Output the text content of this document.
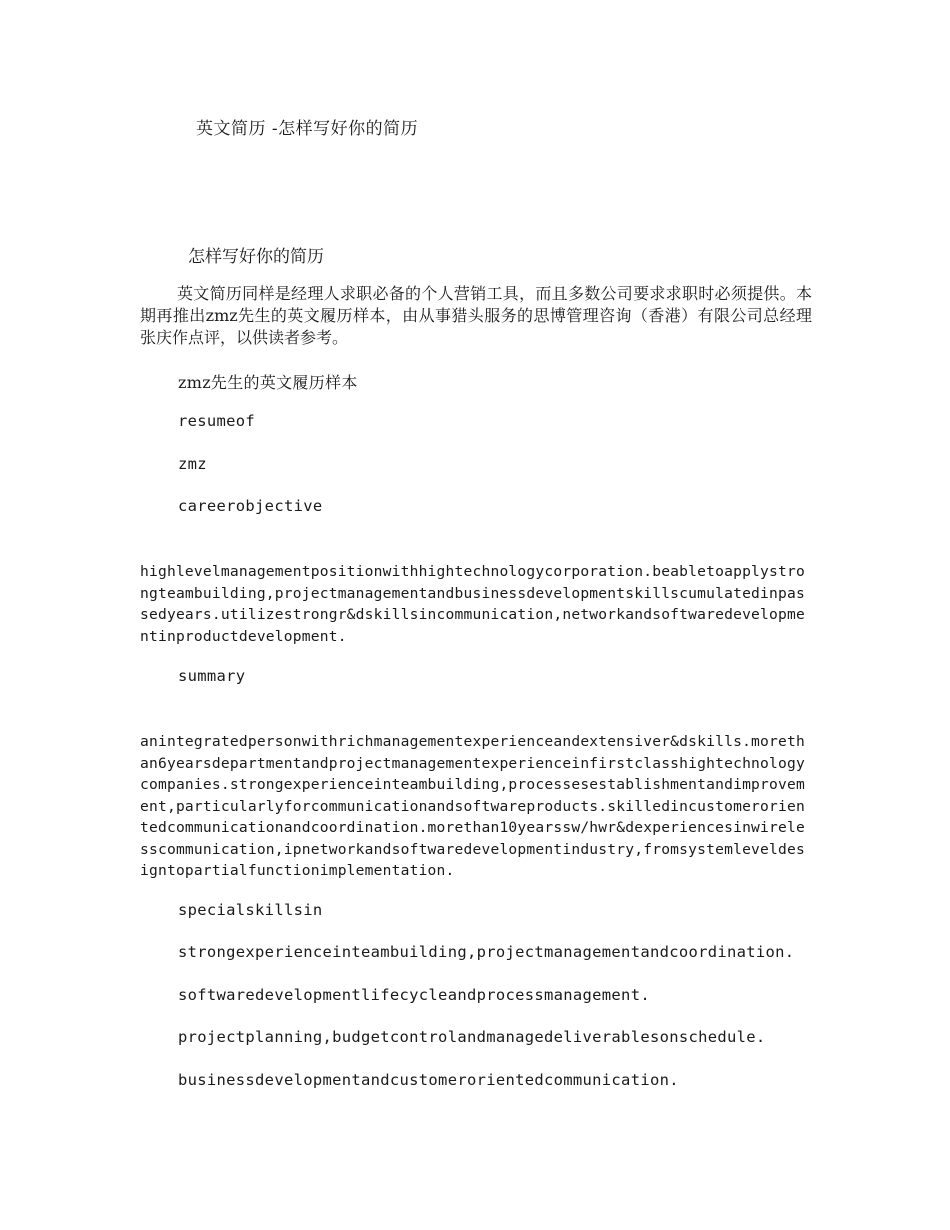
英文简历 -怎样写好你的简历
怎样写好你的简历
英文简历同样是经理人求职必备的个人营销工具，而且多数公司要求求职时必须提供。本期再推出zmz先生的英文履历样本，由从事猎头服务的思博管理咨询（香港）有限公司总经理张庆作点评，以供读者参考。
zmz先生的英文履历样本
resumeof
zmz
careerobjective
highlevelmanagementpositionwithhightechnologycorporation.beabletoapplystrongteambuilding,projectmanagementandbusinessdevelopmentskillscumulatedinpassedyears.utilizestrongr&dskillsincommunication,networkandsoftwaredevelopmentinproductdevelopment.
summary
anintegratedpersonwithrichmanagementexperienceandextensiver&dskills.morethan6yearsdepartmentandprojectmanagementexperienceinfirstclasshightechnologycompanies.strongexperienceinteambuilding,processesestablishmentandimprovement,particularlyforcommunicationandsoftwareproducts.skilledincustomerorientedcommunicationandcoordination.morethan10yearssw/hwr&dexperiencesinwirelesscommunication,ipnetworkandsoftwaredevelopmentindustry,fromsystemleveldesigntopartialfunctionimplementation.
specialskillsin
strongexperienceinteambuilding,projectmanagementandcoordination.
softwaredevelopmentlifecycleandprocessmanagement.
projectplanning,budgetcontrolandmanagedeliverablesonschedule.
businessdevelopmentandcustomerorientedcommunication.
